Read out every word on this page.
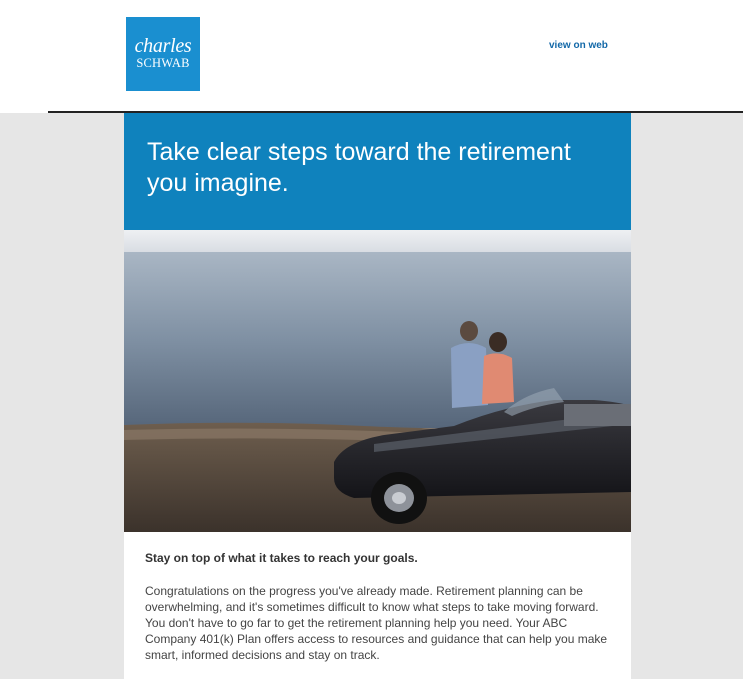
charles
SCHWAB
view on web
Take clear steps toward the retirement you imagine.

Stay on top of what it takes to reach your goals.

Congratulations on the progress you've already made. Retirement planning can be overwhelming, and it's sometimes difficult to know what steps to take moving forward. You don't have to go far to get the retirement planning help you need. Your ABC Company 401(k) Plan offers access to resources and guidance that can help you make smart, informed decisions and stay on track.
